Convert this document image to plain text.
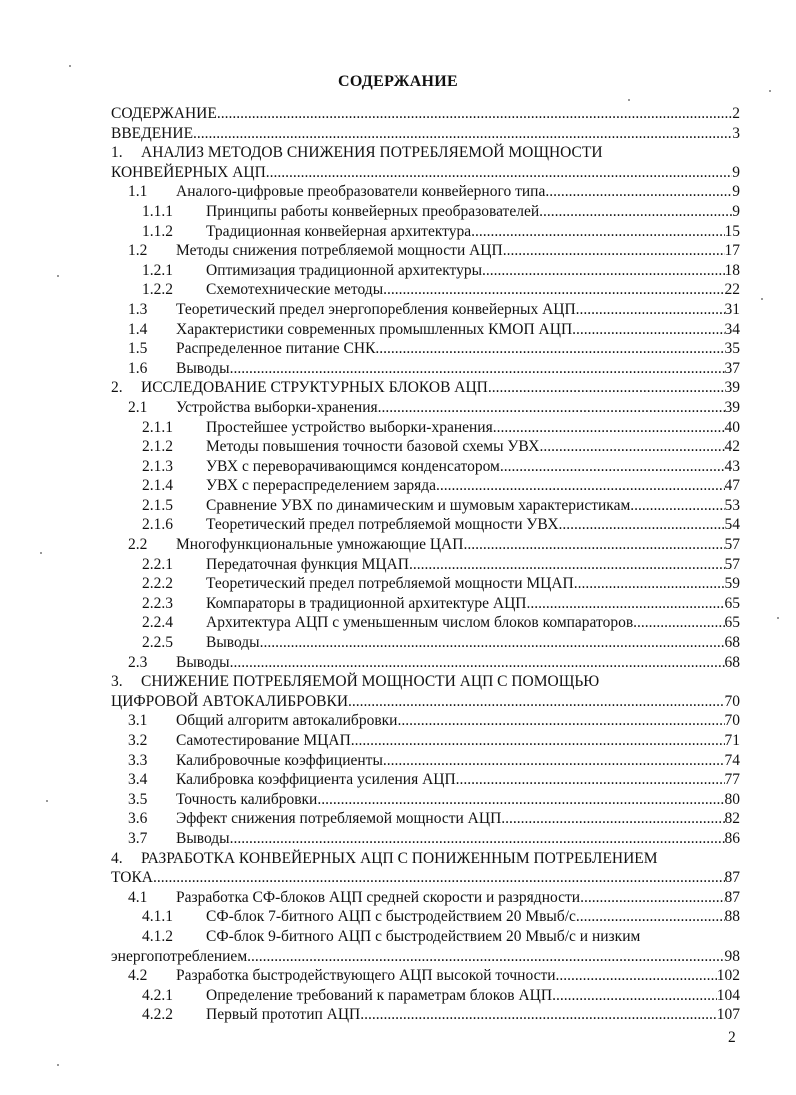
СОДЕРЖАНИЕ
СОДЕРЖАНИЕ .....	2
ВВЕДЕНИЕ .....	3
1. АНАЛИЗ МЕТОДОВ СНИЖЕНИЯ ПОТРЕБЛЯЕМОЙ МОЩНОСТИ
КОНВЕЙЕРНЫХ АЦП .....	9
1.1	Аналого-цифровые преобразователи конвейерного типа .....	9
1.1.1	Принципы работы конвейерных преобразователей .....	9
1.1.2	Традиционная конвейерная архитектура .....	15
1.2	Методы снижения потребляемой мощности АЦП .....	17
1.2.1	Оптимизация традиционной архитектуры .....	18
1.2.2	Схемотехнические методы .....	22
1.3	Теоретический предел энергопоребления конвейерных АЦП .....	31
1.4	Характеристики современных промышленных КМОП АЦП .....	34
1.5	Распределенное питание СНК .....	35
1.6	Выводы .....	37
2.	ИССЛЕДОВАНИЕ СТРУКТУРНЫХ БЛОКОВ АЦП .....	39
2.1	Устройства выборки-хранения .....	39
2.1.1	Простейшее устройство выборки-хранения .....	40
2.1.2	Методы повышения точности базовой схемы УВХ .....	42
2.1.3	УВХ с переворачивающимся конденсатором .....	43
2.1.4	УВХ с перераспределением заряда .....	47
2.1.5	Сравнение УВХ по динамическим и шумовым характеристикам .....	53
2.1.6	Теоретический предел потребляемой мощности УВХ .....	54
2.2	Многофункциональные умножающие ЦАП .....	57
2.2.1	Передаточная функция МЦАП .....	57
2.2.2	Теоретический предел потребляемой мощности МЦАП .....	59
2.2.3	Компараторы в традиционной архитектуре АЦП .....	65
2.2.4	Архитектура АЦП с уменьшенным числом блоков компараторов .....	65
2.2.5	Выводы .....	68
2.3	Выводы .....	68
3. СНИЖЕНИЕ ПОТРЕБЛЯЕМОЙ МОЩНОСТИ АЦП С ПОМОЩЬЮ
ЦИФРОВОЙ АВТОКАЛИБРОВКИ .....	70
3.1	Общий алгоритм автокалибровки .....	70
3.2	Самотестирование МЦАП .....	71
3.3	Калибровочные коэффициенты .....	74
3.4	Калибровка коэффициента усиления АЦП .....	77
3.5	Точность калибровки .....	80
3.6	Эффект снижения потребляемой мощности АЦП .....	82
3.7	Выводы .....	86
4. РАЗРАБОТКА КОНВЕЙЕРНЫХ АЦП С ПОНИЖЕННЫМ ПОТРЕБЛЕНИЕМ
ТОКА .....	87
4.1	Разработка СФ-блоков АЦП средней скорости и разрядности .....	87
4.1.1	СФ-блок 7-битного АЦП с быстродействием 20 Мвыб/с .....	88
4.1.2 СФ-блок 9-битного АЦП с быстродействием 20 Мвыб/с и низким
энергопотреблением .....	98
4.2	Разработка быстродействующего АЦП высокой точности .....	102
4.2.1	Определение требований к параметрам блоков АЦП .....	104
4.2.2	Первый прототип АЦП .....	107
2
